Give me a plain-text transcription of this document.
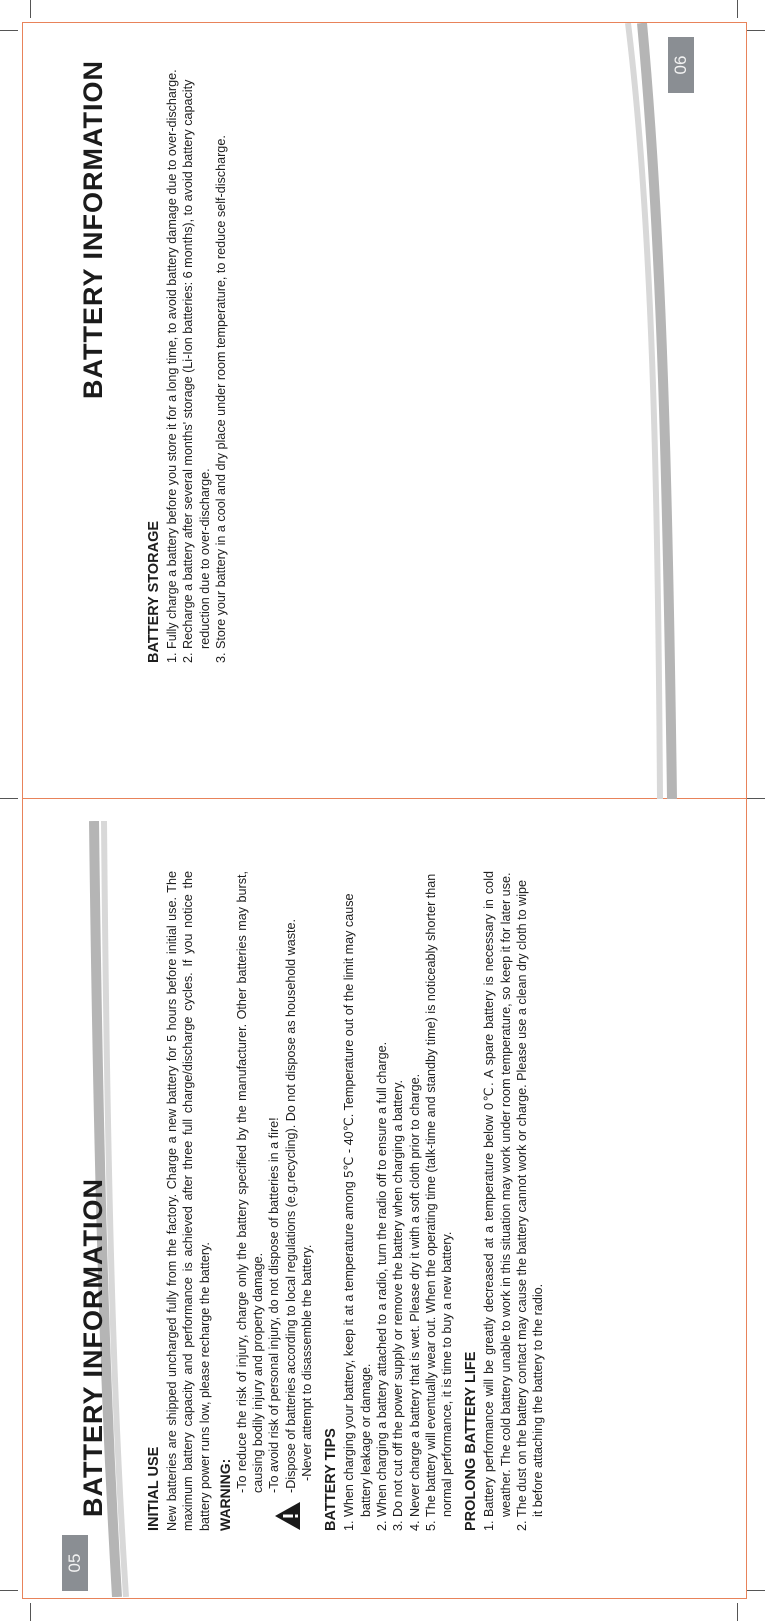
05
BATTERY INFORMATION	INITIAL USE New batteries are shipped uncharged fully from the factory. Charge a new battery for 5 hours before initial use. The maximum battery capacity and performance is achieved after three full charge/discharge cycles. If you notice the battery power runs low, please recharge the battery. WARNING:

-To reduce the risk of injury, charge only the battery specified by the manufacturer. Other batteries may burst, causing bodily injury and property damage. -To avoid risk of personal injury, do not dispose of batteries in a fire! -Dispose of batteries according to local regulations (e.g.recycling). Do not dispose as household waste. -Never attempt to disassemble the battery. BATTERY TIPS 1.
When charging your battery, keep it at a temperature among 5℃ - 40℃. Temperature out of the limit may cause battery leakage or damage.
2.
When charging a battery attached to a radio, turn the radio off to ensure a full charge.
3.
Do not cut off the power supply or remove the battery when charging a battery.
4.
Never charge a battery that is wet. Please dry it with a soft cloth prior to charge.
5.
The battery will eventually wear out. When the operating time (talk-time and standby time) is noticeably shorter than normal performance, it is time to buy a new battery. PROLONG BATTERY LIFE 1.
Battery performance will be greatly decreased at a temperature below 0℃. A spare battery is necessary in cold weather. The cold battery unable to work in this situation may work under room temperature, so keep it for later use.
2.
The dust on the battery contact may cause the battery cannot work or charge. Please use a clean dry cloth to wipe it before attaching the battery to the radio.
BATTERY INFORMATION	06
BATTERY STORAGE 1.
Fully charge a battery before you store it for a long time, to avoid battery damage due to over-discharge.
2.
Recharge a battery after several months' storage (Li-Ion batteries: 6 months), to avoid battery capacity reduction due to over-discharge.
3.
Store your battery in a cool and dry place under room temperature, to reduce self-discharge.
